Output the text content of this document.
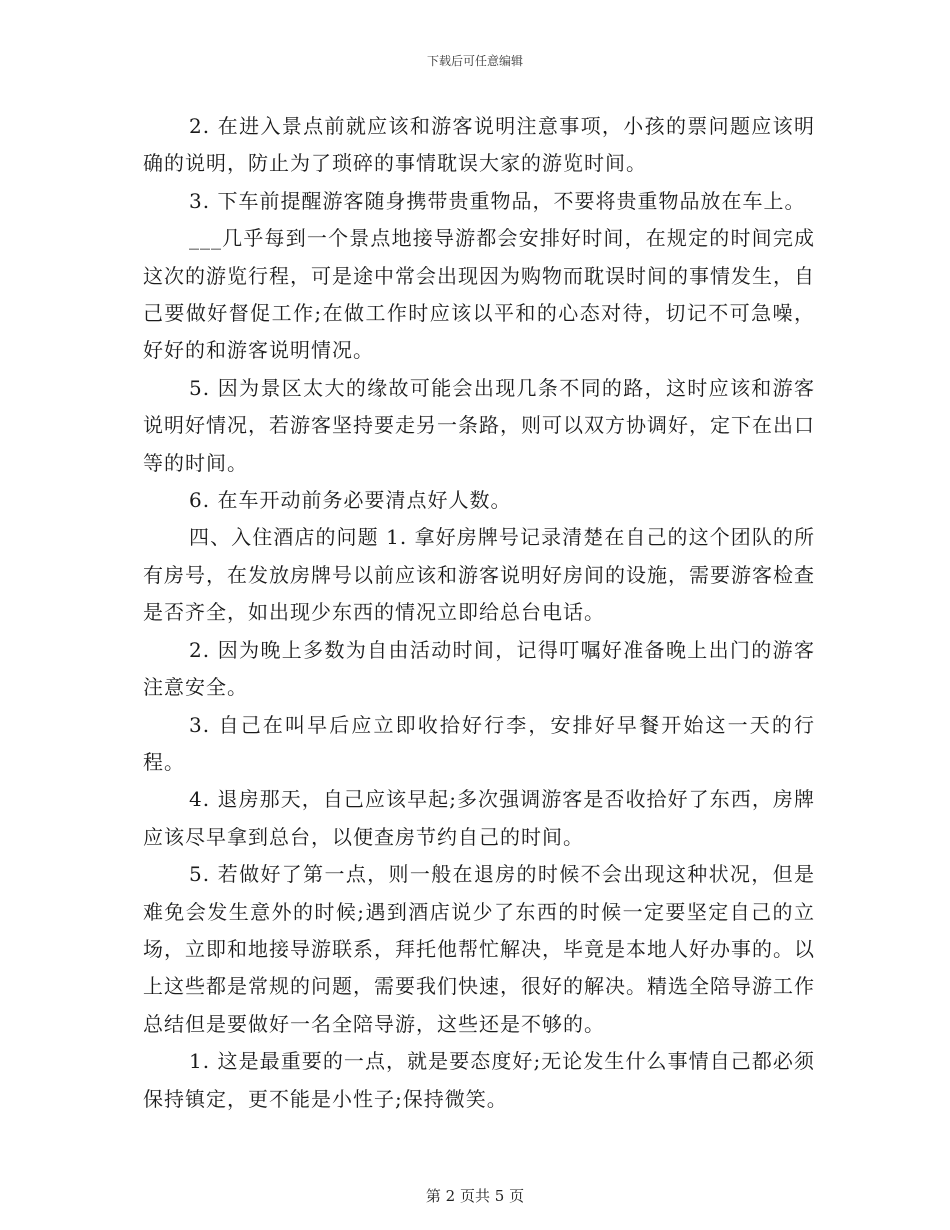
下载后可任意编辑

2. 在进入景点前就应该和游客说明注意事项，小孩的票问题应该明确的说明，防止为了琐碎的事情耽误大家的游览时间。

3. 下车前提醒游客随身携带贵重物品，不要将贵重物品放在车上。

___几乎每到一个景点地接导游都会安排好时间，在规定的时间完成这次的游览行程，可是途中常会出现因为购物而耽误时间的事情发生，自己要做好督促工作;在做工作时应该以平和的心态对待，切记不可急噪，好好的和游客说明情况。

5. 因为景区太大的缘故可能会出现几条不同的路，这时应该和游客说明好情况，若游客坚持要走另一条路，则可以双方协调好，定下在出口等的时间。

6. 在车开动前务必要清点好人数。

四、入住酒店的问题 1. 拿好房牌号记录清楚在自己的这个团队的所有房号，在发放房牌号以前应该和游客说明好房间的设施，需要游客检查是否齐全，如出现少东西的情况立即给总台电话。

2. 因为晚上多数为自由活动时间，记得叮嘱好准备晚上出门的游客注意安全。

3. 自己在叫早后应立即收拾好行李，安排好早餐开始这一天的行程。

4. 退房那天，自己应该早起;多次强调游客是否收拾好了东西，房牌应该尽早拿到总台，以便查房节约自己的时间。

5. 若做好了第一点，则一般在退房的时候不会出现这种状况，但是难免会发生意外的时候;遇到酒店说少了东西的时候一定要坚定自己的立场，立即和地接导游联系，拜托他帮忙解决，毕竟是本地人好办事的。以上这些都是常规的问题，需要我们快速，很好的解决。精选全陪导游工作总结但是要做好一名全陪导游，这些还是不够的。

1. 这是最重要的一点，就是要态度好;无论发生什么事情自己都必须保持镇定，更不能是小性子;保持微笑。

第 2 页共 5 页
